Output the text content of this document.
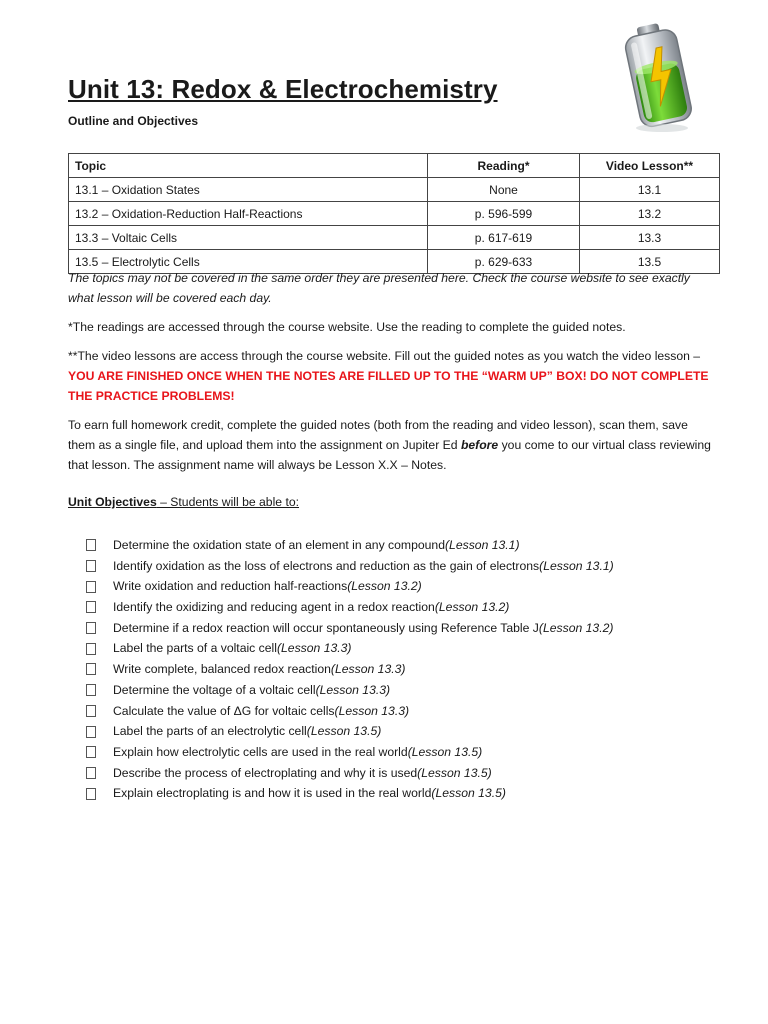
Unit 13: Redox & Electrochemistry
Outline and Objectives
Topic	Reading*	Video Lesson**
13.1 – Oxidation States	None	13.1
13.2 – Oxidation-Reduction Half-Reactions	p. 596-599	13.2
13.3 – Voltaic Cells	p. 617-619	13.3
13.5 – Electrolytic Cells	p. 629-633	13.5
The topics may not be covered in the same order they are presented here. Check the course website to see exactly what lesson will be covered each day.
*The readings are accessed through the course website. Use the reading to complete the guided notes.
**The video lessons are access through the course website. Fill out the guided notes as you watch the video lesson – YOU ARE FINISHED ONCE WHEN THE NOTES ARE FILLED UP TO THE “WARM UP” BOX! DO NOT COMPLETE THE PRACTICE PROBLEMS!
To earn full homework credit, complete the guided notes (both from the reading and video lesson), scan them, save them as a single file, and upload them into the assignment on Jupiter Ed before you come to our virtual class reviewing that lesson. The assignment name will always be Lesson X.X – Notes.
Unit Objectives – Students will be able to:
Determine the oxidation state of an element in any compound (Lesson 13.1)
Identify oxidation as the loss of electrons and reduction as the gain of electrons (Lesson 13.1)
Write oxidation and reduction half-reactions (Lesson 13.2)
Identify the oxidizing and reducing agent in a redox reaction (Lesson 13.2)
Determine if a redox reaction will occur spontaneously using Reference Table J (Lesson 13.2)
Label the parts of a voltaic cell (Lesson 13.3)
Write complete, balanced redox reaction (Lesson 13.3)
Determine the voltage of a voltaic cell (Lesson 13.3)
Calculate the value of ΔG for voltaic cells (Lesson 13.3)
Label the parts of an electrolytic cell (Lesson 13.5)
Explain how electrolytic cells are used in the real world (Lesson 13.5)
Describe the process of electroplating and why it is used (Lesson 13.5)
Explain electroplating is and how it is used in the real world (Lesson 13.5)
